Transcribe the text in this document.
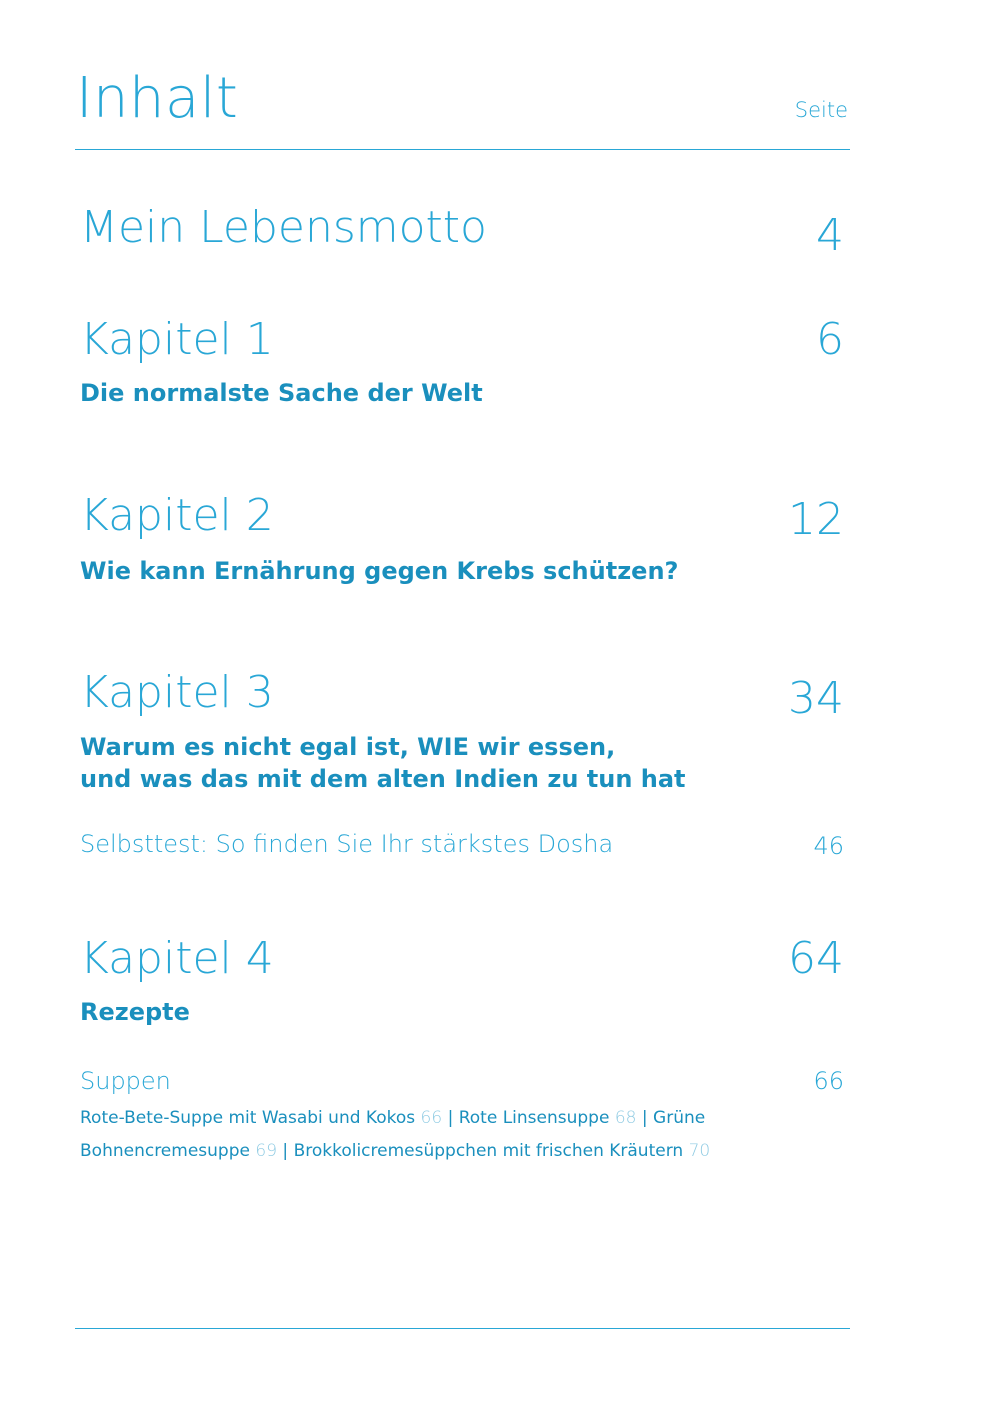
Inhalt	Seite
Mein Lebensmotto	4
Kapitel 1	6
Die normalste Sache der Welt
Kapitel 2	12
Wie kann Ernährung gegen Krebs schützen?
Kapitel 3	34
Warum es nicht egal ist, WIE wir essen,
und was das mit dem alten Indien zu tun hat
Selbsttest: So finden Sie Ihr stärkstes Dosha	46
Kapitel 4	64
Rezepte
Suppen	66
Rote-Bete-Suppe mit Wasabi und Kokos 66 | Rote Linsensuppe 68 | Grüne Bohnencremesuppe 69 | Brokkolicremesüppchen mit frischen Kräutern 70
